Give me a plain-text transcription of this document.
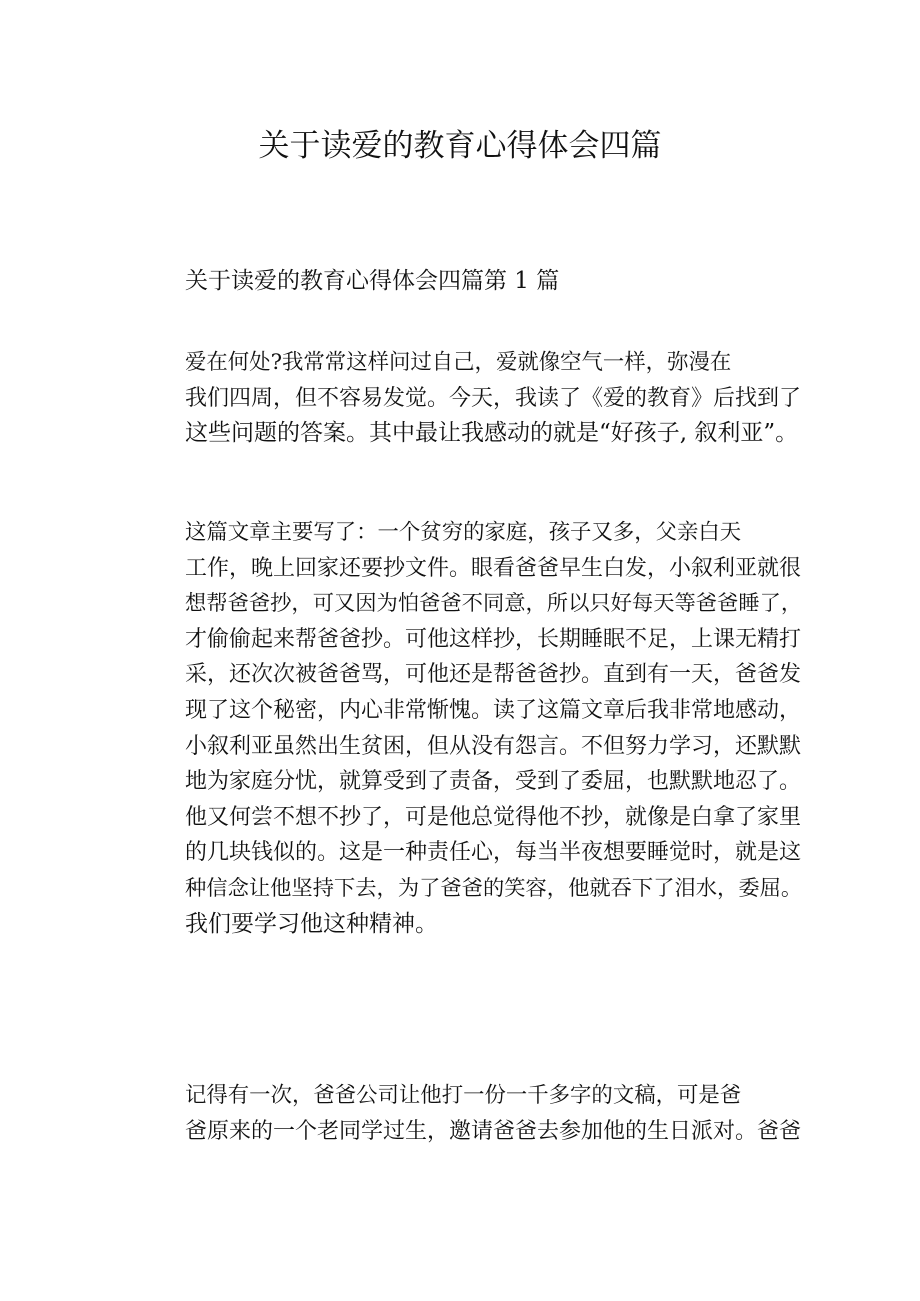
关于读爱的教育心得体会四篇

关于读爱的教育心得体会四篇第 1 篇

爱在何处?我常常这样问过自己，爱就像空气一样，弥漫在
我们四周，但不容易发觉。今天，我读了《爱的教育》后找到了
这些问题的答案。其中最让我感动的就是“好孩子, 叙利亚”。

这篇文章主要写了：一个贫穷的家庭，孩子又多，父亲白天
工作，晚上回家还要抄文件。眼看爸爸早生白发，小叙利亚就很
想帮爸爸抄，可又因为怕爸爸不同意，所以只好每天等爸爸睡了，
才偷偷起来帮爸爸抄。可他这样抄，长期睡眠不足，上课无精打
采，还次次被爸爸骂，可他还是帮爸爸抄。直到有一天，爸爸发
现了这个秘密，内心非常惭愧。读了这篇文章后我非常地感动，
小叙利亚虽然出生贫困，但从没有怨言。不但努力学习，还默默
地为家庭分忧，就算受到了责备，受到了委屈，也默默地忍了。
他又何尝不想不抄了，可是他总觉得他不抄，就像是白拿了家里
的几块钱似的。这是一种责任心，每当半夜想要睡觉时，就是这
种信念让他坚持下去，为了爸爸的笑容，他就吞下了泪水，委屈。
我们要学习他这种精神。

记得有一次，爸爸公司让他打一份一千多字的文稿，可是爸
爸原来的一个老同学过生，邀请爸爸去参加他的生日派对。爸爸
